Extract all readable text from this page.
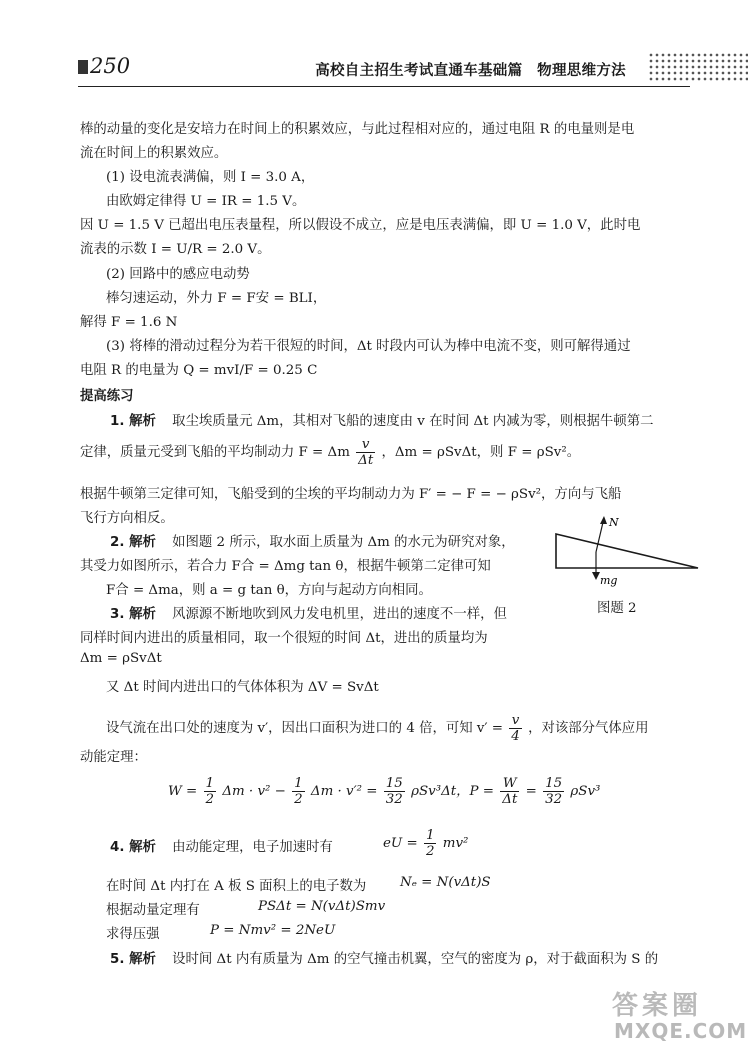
250	高校自主招生考试直通车基础篇　物理思维方法
棒的动量的变化是安培力在时间上的积累效应，与此过程相对应的，通过电阻 R 的电量则是电
流在时间上的积累效应。
(1) 设电流表满偏，则 I = 3.0 A，
由欧姆定律得 U = IR = 1.5 V。
因 U = 1.5 V 已超出电压表量程，所以假设不成立，应是电压表满偏，即 U = 1.0 V，此时电
流表的示数 I = U/R = 2.0 V。
(2) 回路中的感应电动势
棒匀速运动，外力 F = F安 = BLI，
解得 F = 1.6 N
(3) 将棒的滑动过程分为若干很短的时间，Δt 时段内可认为棒中电流不变，则可解得通过
电阻 R 的电量为 Q = mvI/F = 0.25 C
提高练习
1. 解析 取尘埃质量元 Δm，其相对飞船的速度由 v 在时间 Δt 内减为零，则根据牛顿第二
定律，质量元受到飞船的平均制动力 F = Δm $\frac{v}{\Delta t}$ ，Δm = ρSvΔt，则 F = ρSv²。
根据牛顿第三定律可知，飞船受到的尘埃的平均制动力为 F′ = − F = − ρSv²，方向与飞船
飞行方向相反。
2. 解析 如图题 2 所示，取水面上质量为 Δm 的水元为研究对象，
其受力如图所示，若合力 F合 = Δmg tan θ，根据牛顿第二定律可知
F合 = Δma，则 a = g tan θ，方向与起动方向相同。
N
mg
图题 2
3. 解析 风源源不断地吹到风力发电机里，进出的速度不一样，但
同样时间内进出的质量相同，取一个很短的时间 Δt，进出的质量均为
Δm = ρSvΔt
又 Δt 时间内进出口的气体体积为 ΔV = SvΔt
设气流在出口处的速度为 v′，因出口面积为进口的 4 倍，可知 $v' = \frac{v}{4}$ ，对该部分气体应用
动能定理：
$W = \frac{1}{2}$ $\Delta m \cdot v^2 - \frac{1}{2}$ $\Delta m \cdot v'^2 = \frac{15}{32} \rho Sv^3\Delta t$，$P = \frac{W}{\Delta t} = \frac{15}{32} \rho Sv^3$
4. 解析 由动能定理，电子加速时有	eU = $\frac{1}{2} mv^2$
在时间 Δt 内打在 A 板 S 面积上的电子数为	Nₑ = N(vΔt)S
根据动量定理有	PSΔt = N(vΔt)Smv
求得压强	P = Nmv² = 2NeU
5. 解析 设时间 Δt 内有质量为 Δm 的空气撞击机翼，空气的密度为 ρ，对于截面积为 S 的
答案圈
MXQE.COM
